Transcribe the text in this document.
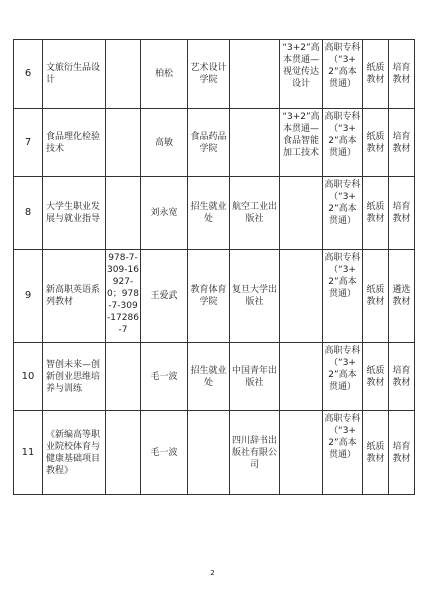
6	文旅衍生品设计		柏松	艺术设计学院		“3+2”高本贯通—视觉传达设计	高职专科（“3+2”高本贯通）	纸质教材	培育教材
7	食品理化检验技术		高敏	食品药品学院		“3+2”高本贯通—食品智能加工技术	高职专科（“3+2”高本贯通）	纸质教材	培育教材
8	大学生职业发展与就业指导		刘永宽	招生就业处	航空工业出版社		高职专科（“3+2”高本贯通）	纸质教材	培育教材
9	新高职英语系列教材	978-7-309-16927-0；978-7-309-17286-7	王爱武	教育体育学院	复旦大学出版社		高职专科（“3+2”高本贯通）	纸质教材	遴选教材
10	智创未来—创新创业思维培养与训练		毛一波	招生就业处	中国青年出版社		高职专科（“3+2”高本贯通）	纸质教材	培育教材
11	《新编高等职业院校体育与健康基础项目教程》		毛一波		四川辞书出版社有限公司		高职专科（“3+2”高本贯通）	纸质教材	培育教材
2
